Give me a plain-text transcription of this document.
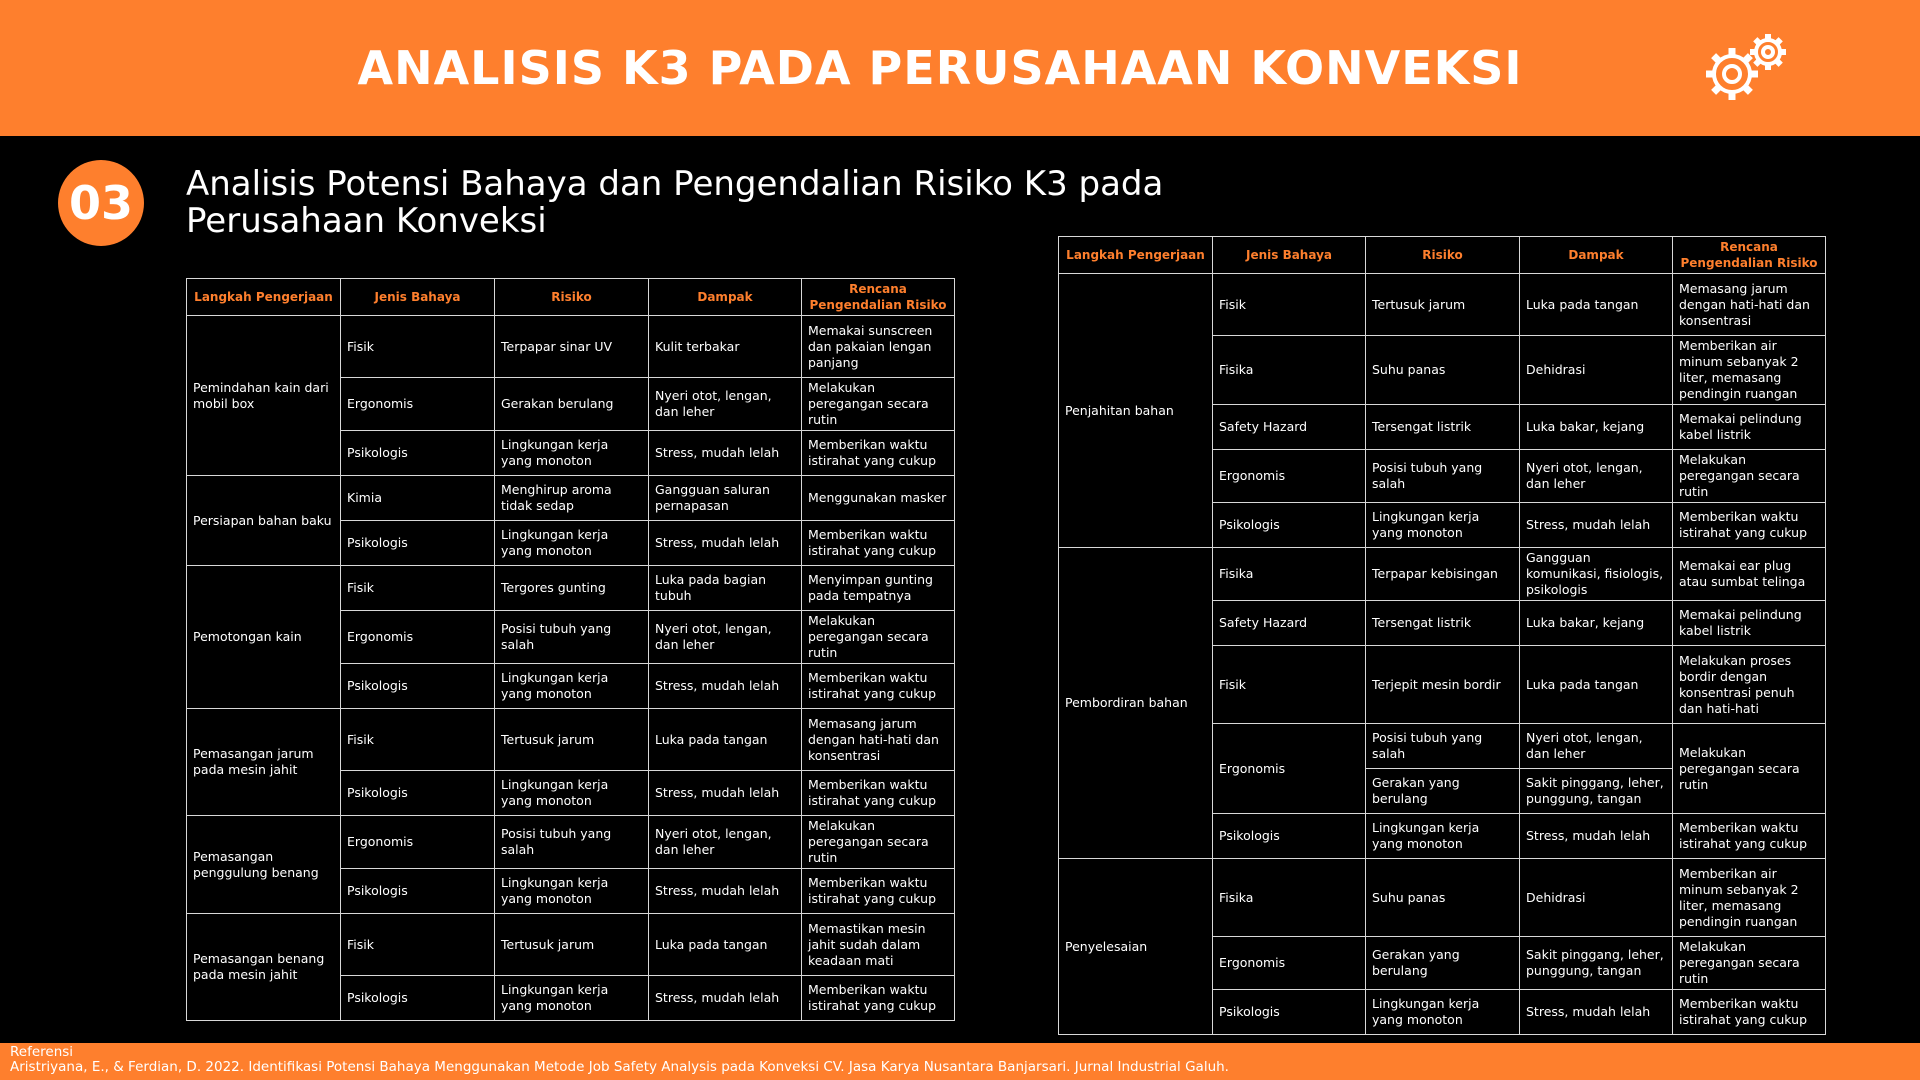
ANALISIS K3 PADA PERUSAHAAN KONVEKSI
03	Analisis Potensi Bahaya dan Pengendalian Risiko K3 pada
Perusahaan Konveksi
Langkah Pengerjaan	Jenis Bahaya	Risiko	Dampak	Rencana Pengendalian Risiko
Pemindahan kain dari mobil box	Fisik	Terpapar sinar UV	Kulit terbakar	Memakai sunscreen dan pakaian lengan panjang
	Ergonomis	Gerakan berulang	Nyeri otot, lengan, dan leher	Melakukan peregangan secara rutin
	Psikologis	Lingkungan kerja yang monoton	Stress, mudah lelah	Memberikan waktu istirahat yang cukup
Persiapan bahan baku	Kimia	Menghirup aroma tidak sedap	Gangguan saluran pernapasan	Menggunakan masker
	Psikologis	Lingkungan kerja yang monoton	Stress, mudah lelah	Memberikan waktu istirahat yang cukup
Pemotongan kain	Fisik	Tergores gunting	Luka pada bagian tubuh	Menyimpan gunting pada tempatnya
	Ergonomis	Posisi tubuh yang salah	Nyeri otot, lengan, dan leher	Melakukan peregangan secara rutin
	Psikologis	Lingkungan kerja yang monoton	Stress, mudah lelah	Memberikan waktu istirahat yang cukup
Pemasangan jarum pada mesin jahit	Fisik	Tertusuk jarum	Luka pada tangan	Memasang jarum dengan hati-hati dan konsentrasi
	Psikologis	Lingkungan kerja yang monoton	Stress, mudah lelah	Memberikan waktu istirahat yang cukup
Pemasangan penggulung benang	Ergonomis	Posisi tubuh yang salah	Nyeri otot, lengan, dan leher	Melakukan peregangan secara rutin
	Psikologis	Lingkungan kerja yang monoton	Stress, mudah lelah	Memberikan waktu istirahat yang cukup
Pemasangan benang pada mesin jahit	Fisik	Tertusuk jarum	Luka pada tangan	Memastikan mesin jahit sudah dalam keadaan mati
	Psikologis	Lingkungan kerja yang monoton	Stress, mudah lelah	Memberikan waktu istirahat yang cukup
Langkah Pengerjaan	Jenis Bahaya	Risiko	Dampak	Rencana Pengendalian Risiko
Penjahitan bahan	Fisik	Tertusuk jarum	Luka pada tangan	Memasang jarum dengan hati-hati dan konsentrasi
	Fisika	Suhu panas	Dehidrasi	Memberikan air minum sebanyak 2 liter, memasang pendingin ruangan
	Safety Hazard	Tersengat listrik	Luka bakar, kejang	Memakai pelindung kabel listrik
	Ergonomis	Posisi tubuh yang salah	Nyeri otot, lengan, dan leher	Melakukan peregangan secara rutin
	Psikologis	Lingkungan kerja yang monoton	Stress, mudah lelah	Memberikan waktu istirahat yang cukup
Pembordiran bahan	Fisika	Terpapar kebisingan	Gangguan komunikasi, fisiologis, psikologis	Memakai ear plug atau sumbat telinga
	Safety Hazard	Tersengat listrik	Luka bakar, kejang	Memakai pelindung kabel listrik
	Fisik	Terjepit mesin bordir	Luka pada tangan	Melakukan proses bordir dengan konsentrasi penuh dan hati-hati
	Ergonomis	Posisi tubuh yang salah	Nyeri otot, lengan, dan leher	Melakukan peregangan secara rutin
		Gerakan yang berulang	Sakit pinggang, leher, punggung, tangan	
	Psikologis	Lingkungan kerja yang monoton	Stress, mudah lelah	Memberikan waktu istirahat yang cukup
Penyelesaian	Fisika	Suhu panas	Dehidrasi	Memberikan air minum sebanyak 2 liter, memasang pendingin ruangan
	Ergonomis	Gerakan yang berulang	Sakit pinggang, leher, punggung, tangan	Melakukan peregangan secara rutin
	Psikologis	Lingkungan kerja yang monoton	Stress, mudah lelah	Memberikan waktu istirahat yang cukup
Referensi
Aristriyana, E., & Ferdian, D. 2022. Identifikasi Potensi Bahaya Menggunakan Metode Job Safety Analysis pada Konveksi CV. Jasa Karya Nusantara Banjarsari. Jurnal Industrial Galuh.
